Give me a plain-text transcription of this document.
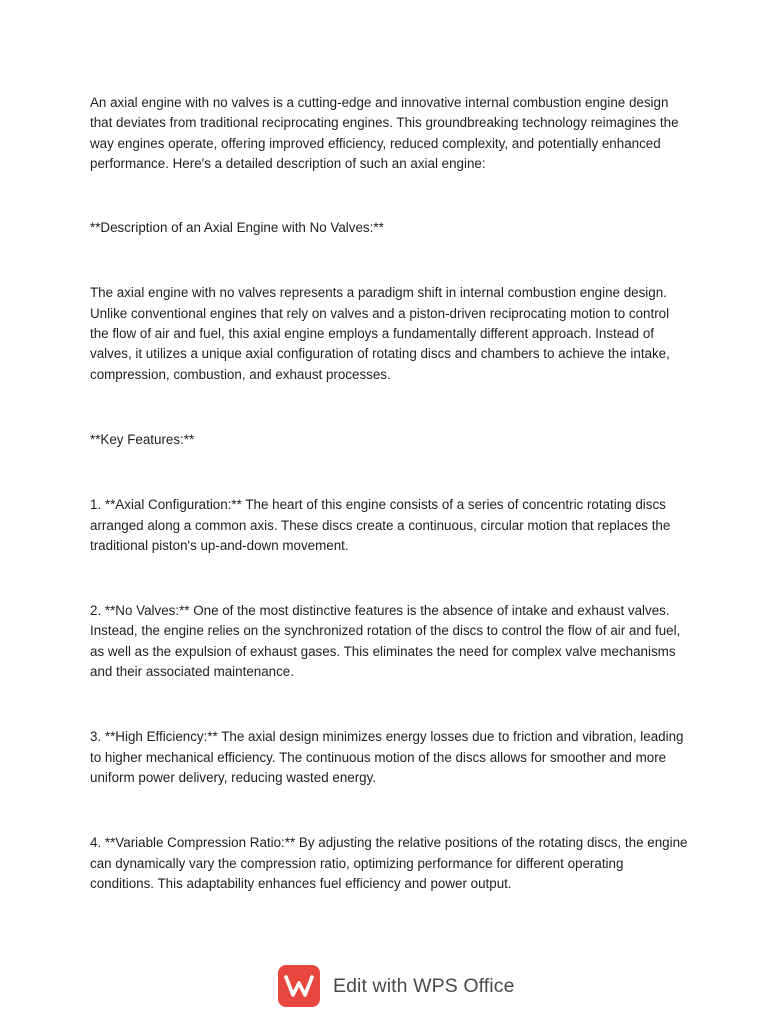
An axial engine with no valves is a cutting-edge and innovative internal combustion engine design that deviates from traditional reciprocating engines. This groundbreaking technology reimagines the way engines operate, offering improved efficiency, reduced complexity, and potentially enhanced performance. Here's a detailed description of such an axial engine:

**Description of an Axial Engine with No Valves:**

The axial engine with no valves represents a paradigm shift in internal combustion engine design. Unlike conventional engines that rely on valves and a piston-driven reciprocating motion to control the flow of air and fuel, this axial engine employs a fundamentally different approach. Instead of valves, it utilizes a unique axial configuration of rotating discs and chambers to achieve the intake, compression, combustion, and exhaust processes.

**Key Features:**

1. **Axial Configuration:** The heart of this engine consists of a series of concentric rotating discs arranged along a common axis. These discs create a continuous, circular motion that replaces the traditional piston's up-and-down movement.

2. **No Valves:** One of the most distinctive features is the absence of intake and exhaust valves. Instead, the engine relies on the synchronized rotation of the discs to control the flow of air and fuel, as well as the expulsion of exhaust gases. This eliminates the need for complex valve mechanisms and their associated maintenance.

3. **High Efficiency:** The axial design minimizes energy losses due to friction and vibration, leading to higher mechanical efficiency. The continuous motion of the discs allows for smoother and more uniform power delivery, reducing wasted energy.

4. **Variable Compression Ratio:** By adjusting the relative positions of the rotating discs, the engine can dynamically vary the compression ratio, optimizing performance for different operating conditions. This adaptability enhances fuel efficiency and power output.

Edit with WPS Office
